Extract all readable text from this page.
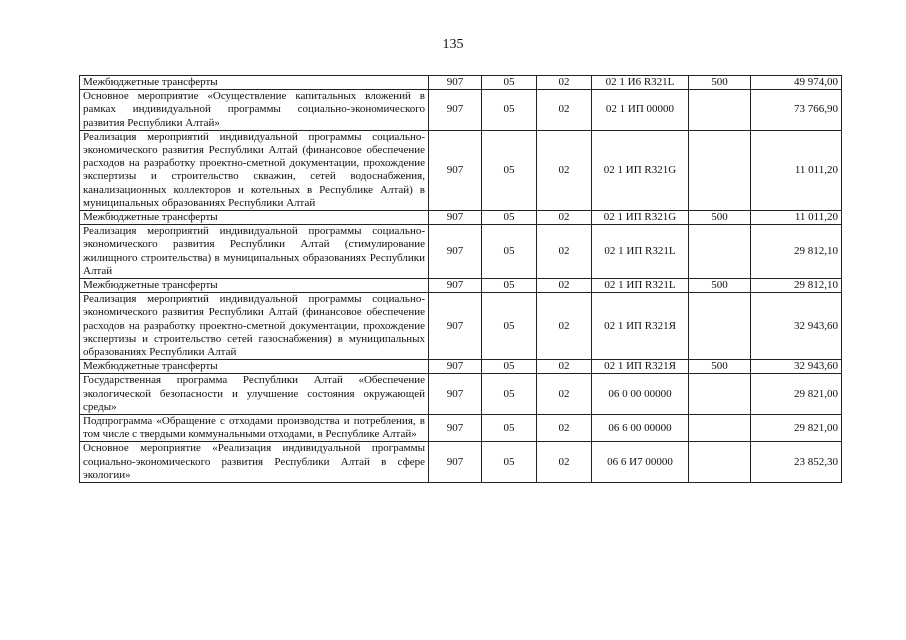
135
Межбюджетные трансферты	907	05	02	02 1 И6 R321L	500	49 974,00
Основное мероприятие «Осуществление капитальных вложений в рамках индивидуальной программы социально-экономического развития Республики Алтай»	907	05	02	02 1 ИП 00000		73 766,90
Реализация мероприятий индивидуальной программы социально-экономического развития Республики Алтай (финансовое обеспечение расходов на разработку проектно-сметной документации, прохождение экспертизы и строительство скважин, сетей водоснабжения, канализационных коллекторов и котельных в Республике Алтай) в муниципальных образованиях Республики Алтай	907	05	02	02 1 ИП R321G		11 011,20
Межбюджетные трансферты	907	05	02	02 1 ИП R321G	500	11 011,20
Реализация мероприятий индивидуальной программы социально-экономического развития Республики Алтай (стимулирование жилищного строительства) в муниципальных образованиях Республики Алтай	907	05	02	02 1 ИП R321L		29 812,10
Межбюджетные трансферты	907	05	02	02 1 ИП R321L	500	29 812,10
Реализация мероприятий индивидуальной программы социально-экономического развития Республики Алтай (финансовое обеспечение расходов на разработку проектно-сметной документации, прохождение экспертизы и строительство сетей газоснабжения) в муниципальных образованиях Республики Алтай	907	05	02	02 1 ИП R321Я		32 943,60
Межбюджетные трансферты	907	05	02	02 1 ИП R321Я	500	32 943,60
Государственная программа Республики Алтай «Обеспечение экологической безопасности и улучшение состояния окружающей среды»	907	05	02	06 0 00 00000		29 821,00
Подпрограмма «Обращение с отходами производства и потребления, в том числе с твердыми коммунальными отходами, в Республике Алтай»	907	05	02	06 6 00 00000		29 821,00
Основное мероприятие «Реализация индивидуальной программы социально-экономического развития Республики Алтай в сфере экологии»	907	05	02	06 6 И7 00000		23 852,30
